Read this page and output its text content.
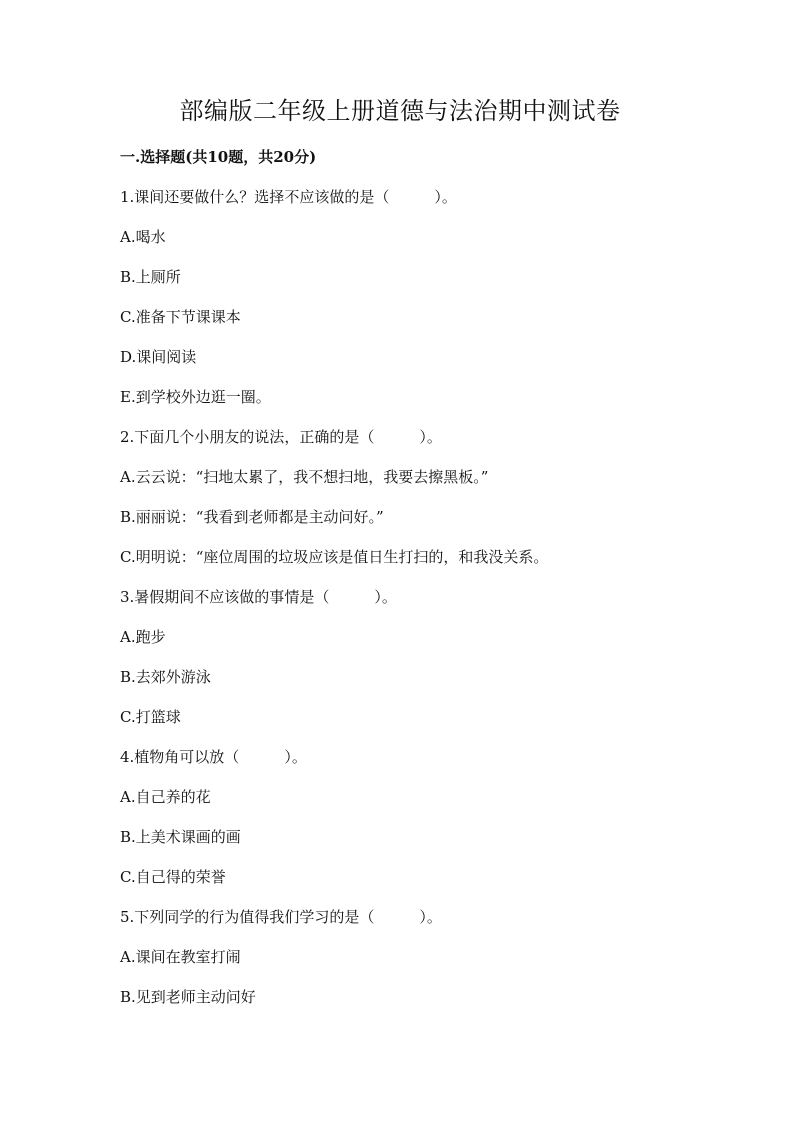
部编版二年级上册道德与法治期中测试卷
一.选择题(共10题，共20分)
1.课间还要做什么？选择不应该做的是（　　　）。
A.喝水
B.上厕所
C.准备下节课课本
D.课间阅读
E.到学校外边逛一圈。
2.下面几个小朋友的说法，正确的是（　　　）。
A.云云说：“扫地太累了，我不想扫地，我要去擦黑板。”
B.丽丽说：“我看到老师都是主动问好。”
C.明明说：“座位周围的垃圾应该是值日生打扫的，和我没关系。
3.暑假期间不应该做的事情是（　　　）。
A.跑步
B.去郊外游泳
C.打篮球
4.植物角可以放（　　　）。
A.自己养的花
B.上美术课画的画
C.自己得的荣誉
5.下列同学的行为值得我们学习的是（　　　）。
A.课间在教室打闹
B.见到老师主动问好
